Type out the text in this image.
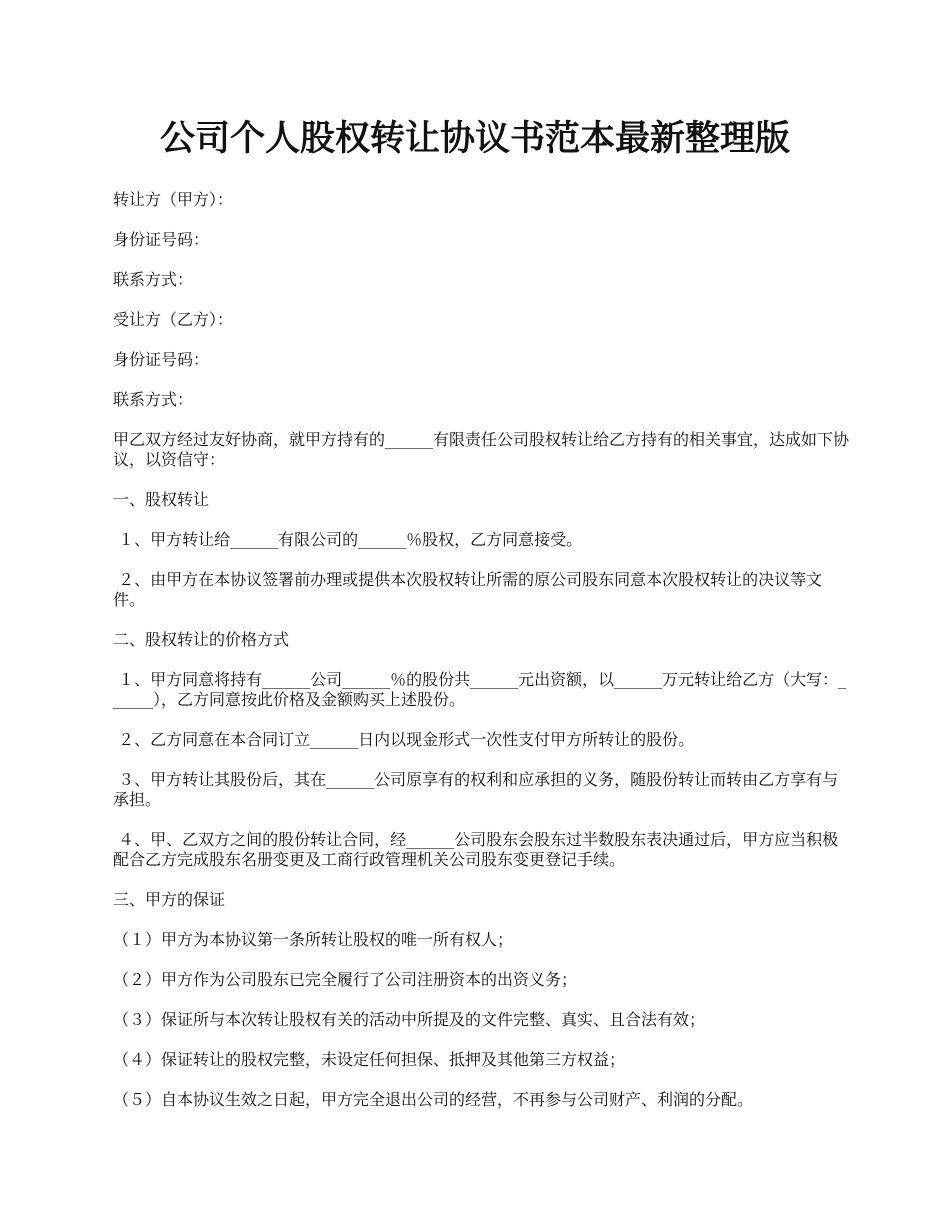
公司个人股权转让协议书范本最新整理版

转让方（甲方）：

身份证号码：

联系方式：

受让方（乙方）：

身份证号码：

联系方式：

甲乙双方经过友好协商，就甲方持有的______有限责任公司股权转让给乙方持有的相关事宜，达成如下协议，以资信守：

一、股权转让

１、甲方转让给______有限公司的______％股权，乙方同意接受。

２、由甲方在本协议签署前办理或提供本次股权转让所需的原公司股东同意本次股权转让的决议等文件。

二、股权转让的价格方式

１、甲方同意将持有______公司______％的股份共______元出资额，以______万元转让给乙方（大写：______），乙方同意按此价格及金额购买上述股份。

２、乙方同意在本合同订立______日内以现金形式一次性支付甲方所转让的股份。

３、甲方转让其股份后，其在______公司原享有的权利和应承担的义务，随股份转让而转由乙方享有与承担。

４、甲、乙双方之间的股份转让合同，经______公司股东会股东过半数股东表决通过后，甲方应当积极配合乙方完成股东名册变更及工商行政管理机关公司股东变更登记手续。

三、甲方的保证

（１）甲方为本协议第一条所转让股权的唯一所有权人；

（２）甲方作为公司股东已完全履行了公司注册资本的出资义务；

（３）保证所与本次转让股权有关的活动中所提及的文件完整、真实、且合法有效；

（４）保证转让的股权完整，未设定任何担保、抵押及其他第三方权益；

（５）自本协议生效之日起，甲方完全退出公司的经营，不再参与公司财产、利润的分配。
